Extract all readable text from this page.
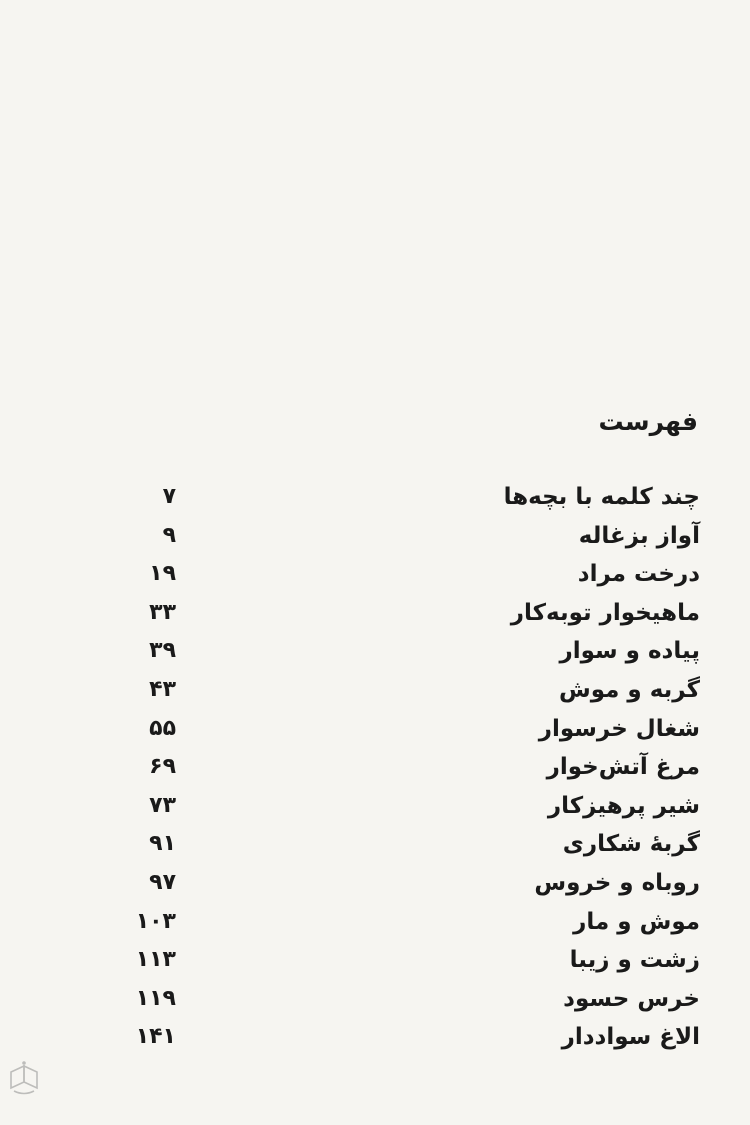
فهرست
چند کلمه با بچه‌ها
۷
آواز بزغاله
۹
درخت مراد
۱۹
ماهیخوار توبه‌کار
۳۳
پیاده و سوار
۳۹
گربه و موش
۴۳
شغال خرسوار
۵۵
مرغ آتش‌خوار
۶۹
شیر پرهیزکار
۷۳
گربهٔ شکاری
۹۱
روباه و خروس
۹۷
موش و مار
۱۰۳
زشت و زیبا
۱۱۳
خرس حسود
۱۱۹
الاغ سواددار
۱۴۱
